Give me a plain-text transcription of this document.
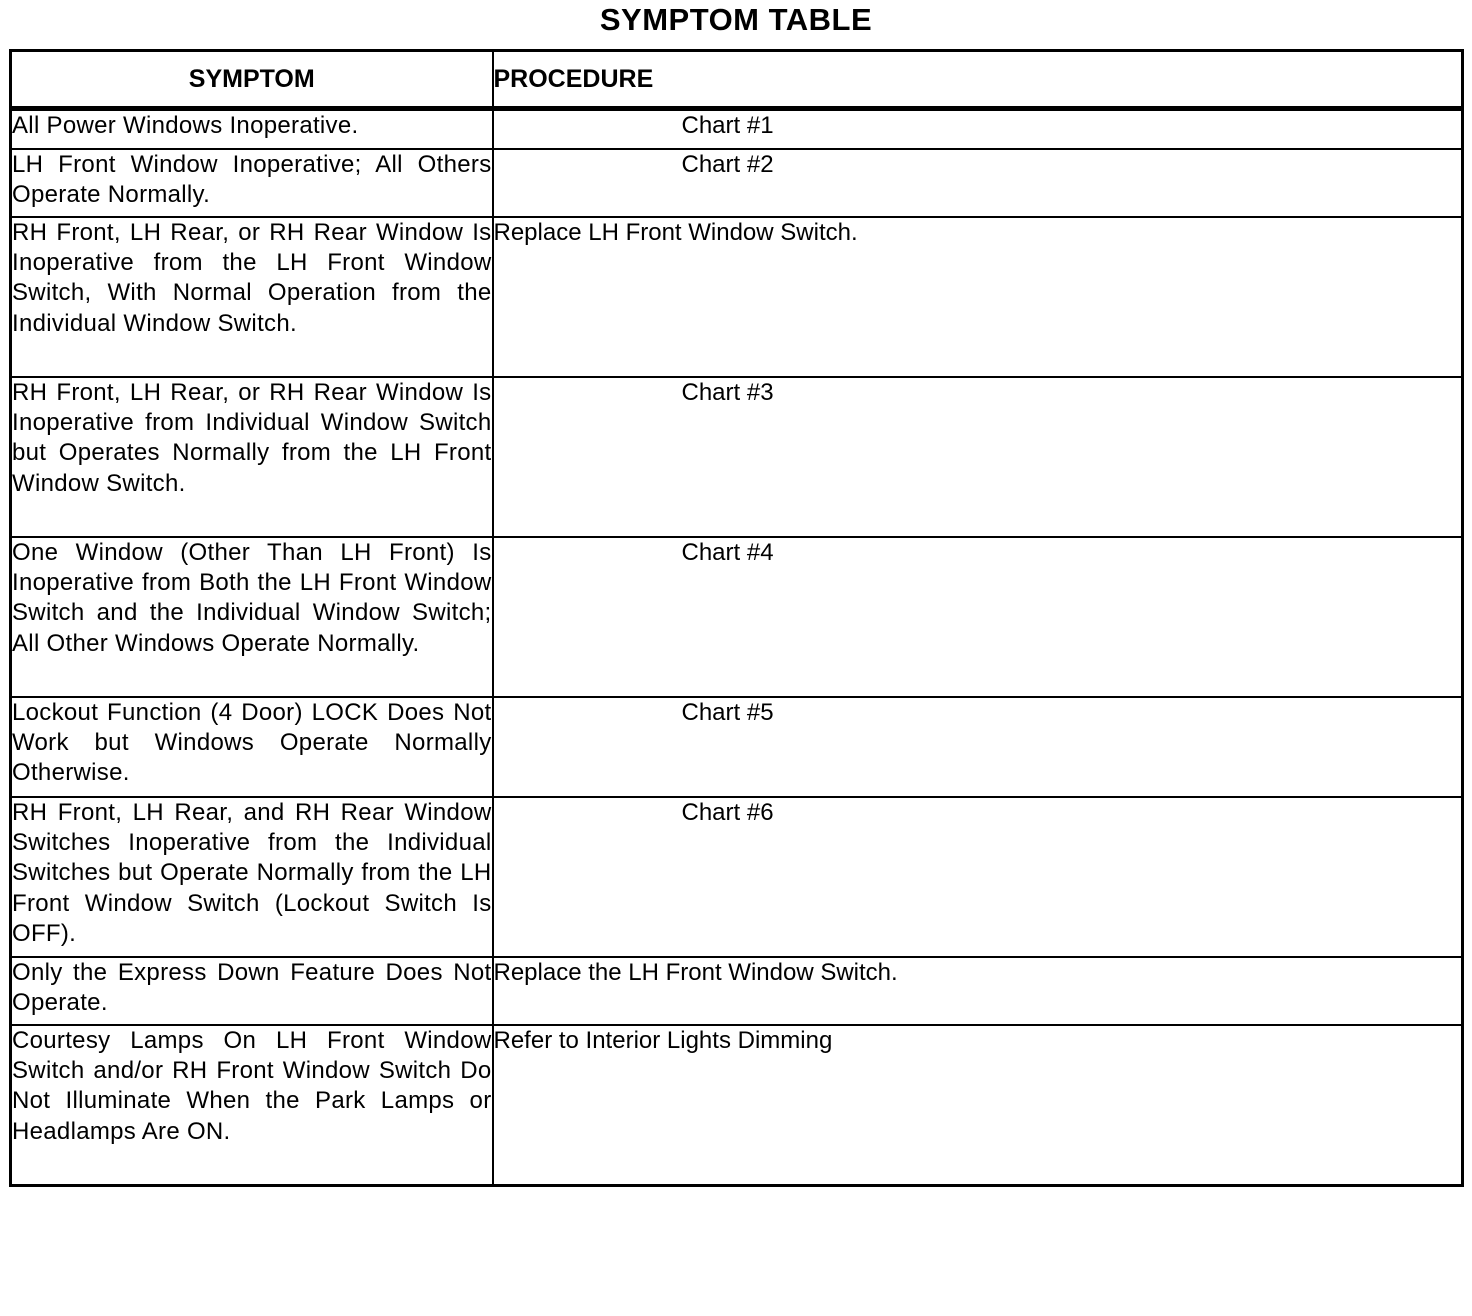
SYMPTOM TABLE
SYMPTOM	PROCEDURE
All Power Windows Inoperative.	Chart #1
LH Front Window Inoperative; All Others Operate Normally.	Chart #2
RH Front, LH Rear, or RH Rear Window Is Inoperative from the LH Front Window Switch, With Normal Operation from the Individual Window Switch.	Replace LH Front Window Switch.
RH Front, LH Rear, or RH Rear Window Is Inoperative from Individual Window Switch but Operates Normally from the LH Front Window Switch.	Chart #3
One Window (Other Than LH Front) Is Inoperative from Both the LH Front Window Switch and the Individual Window Switch; All Other Windows Operate Normally.	Chart #4
Lockout Function (4 Door) LOCK Does Not Work but Windows Operate Normally Otherwise.	Chart #5
RH Front, LH Rear, and RH Rear Window Switches Inoperative from the Individual Switches but Operate Normally from the LH Front Window Switch (Lockout Switch Is OFF).	Chart #6
Only the Express Down Feature Does Not Operate.	Replace the LH Front Window Switch.
Courtesy Lamps On LH Front Window Switch and/or RH Front Window Switch Do Not Illuminate When the Park Lamps or Headlamps Are ON.	Refer to Interior Lights Dimming
